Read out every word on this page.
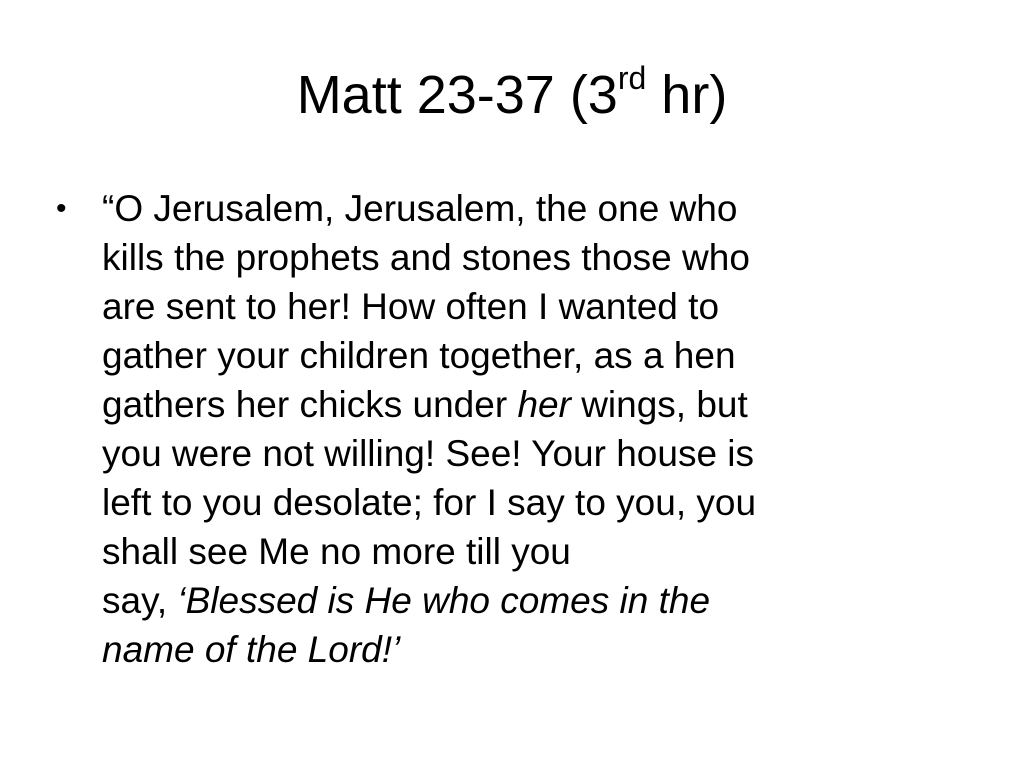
Matt 23-37 (3rd hr)
• “O Jerusalem, Jerusalem, the one who
kills the prophets and stones those who
are sent to her! How often I wanted to
gather your children together, as a hen
gathers her chicks under her wings, but
you were not willing! See! Your house is
left to you desolate; for I say to you, you
shall see Me no more till you
say, ‘Blessed is He who comes in the
name of the Lord!’
